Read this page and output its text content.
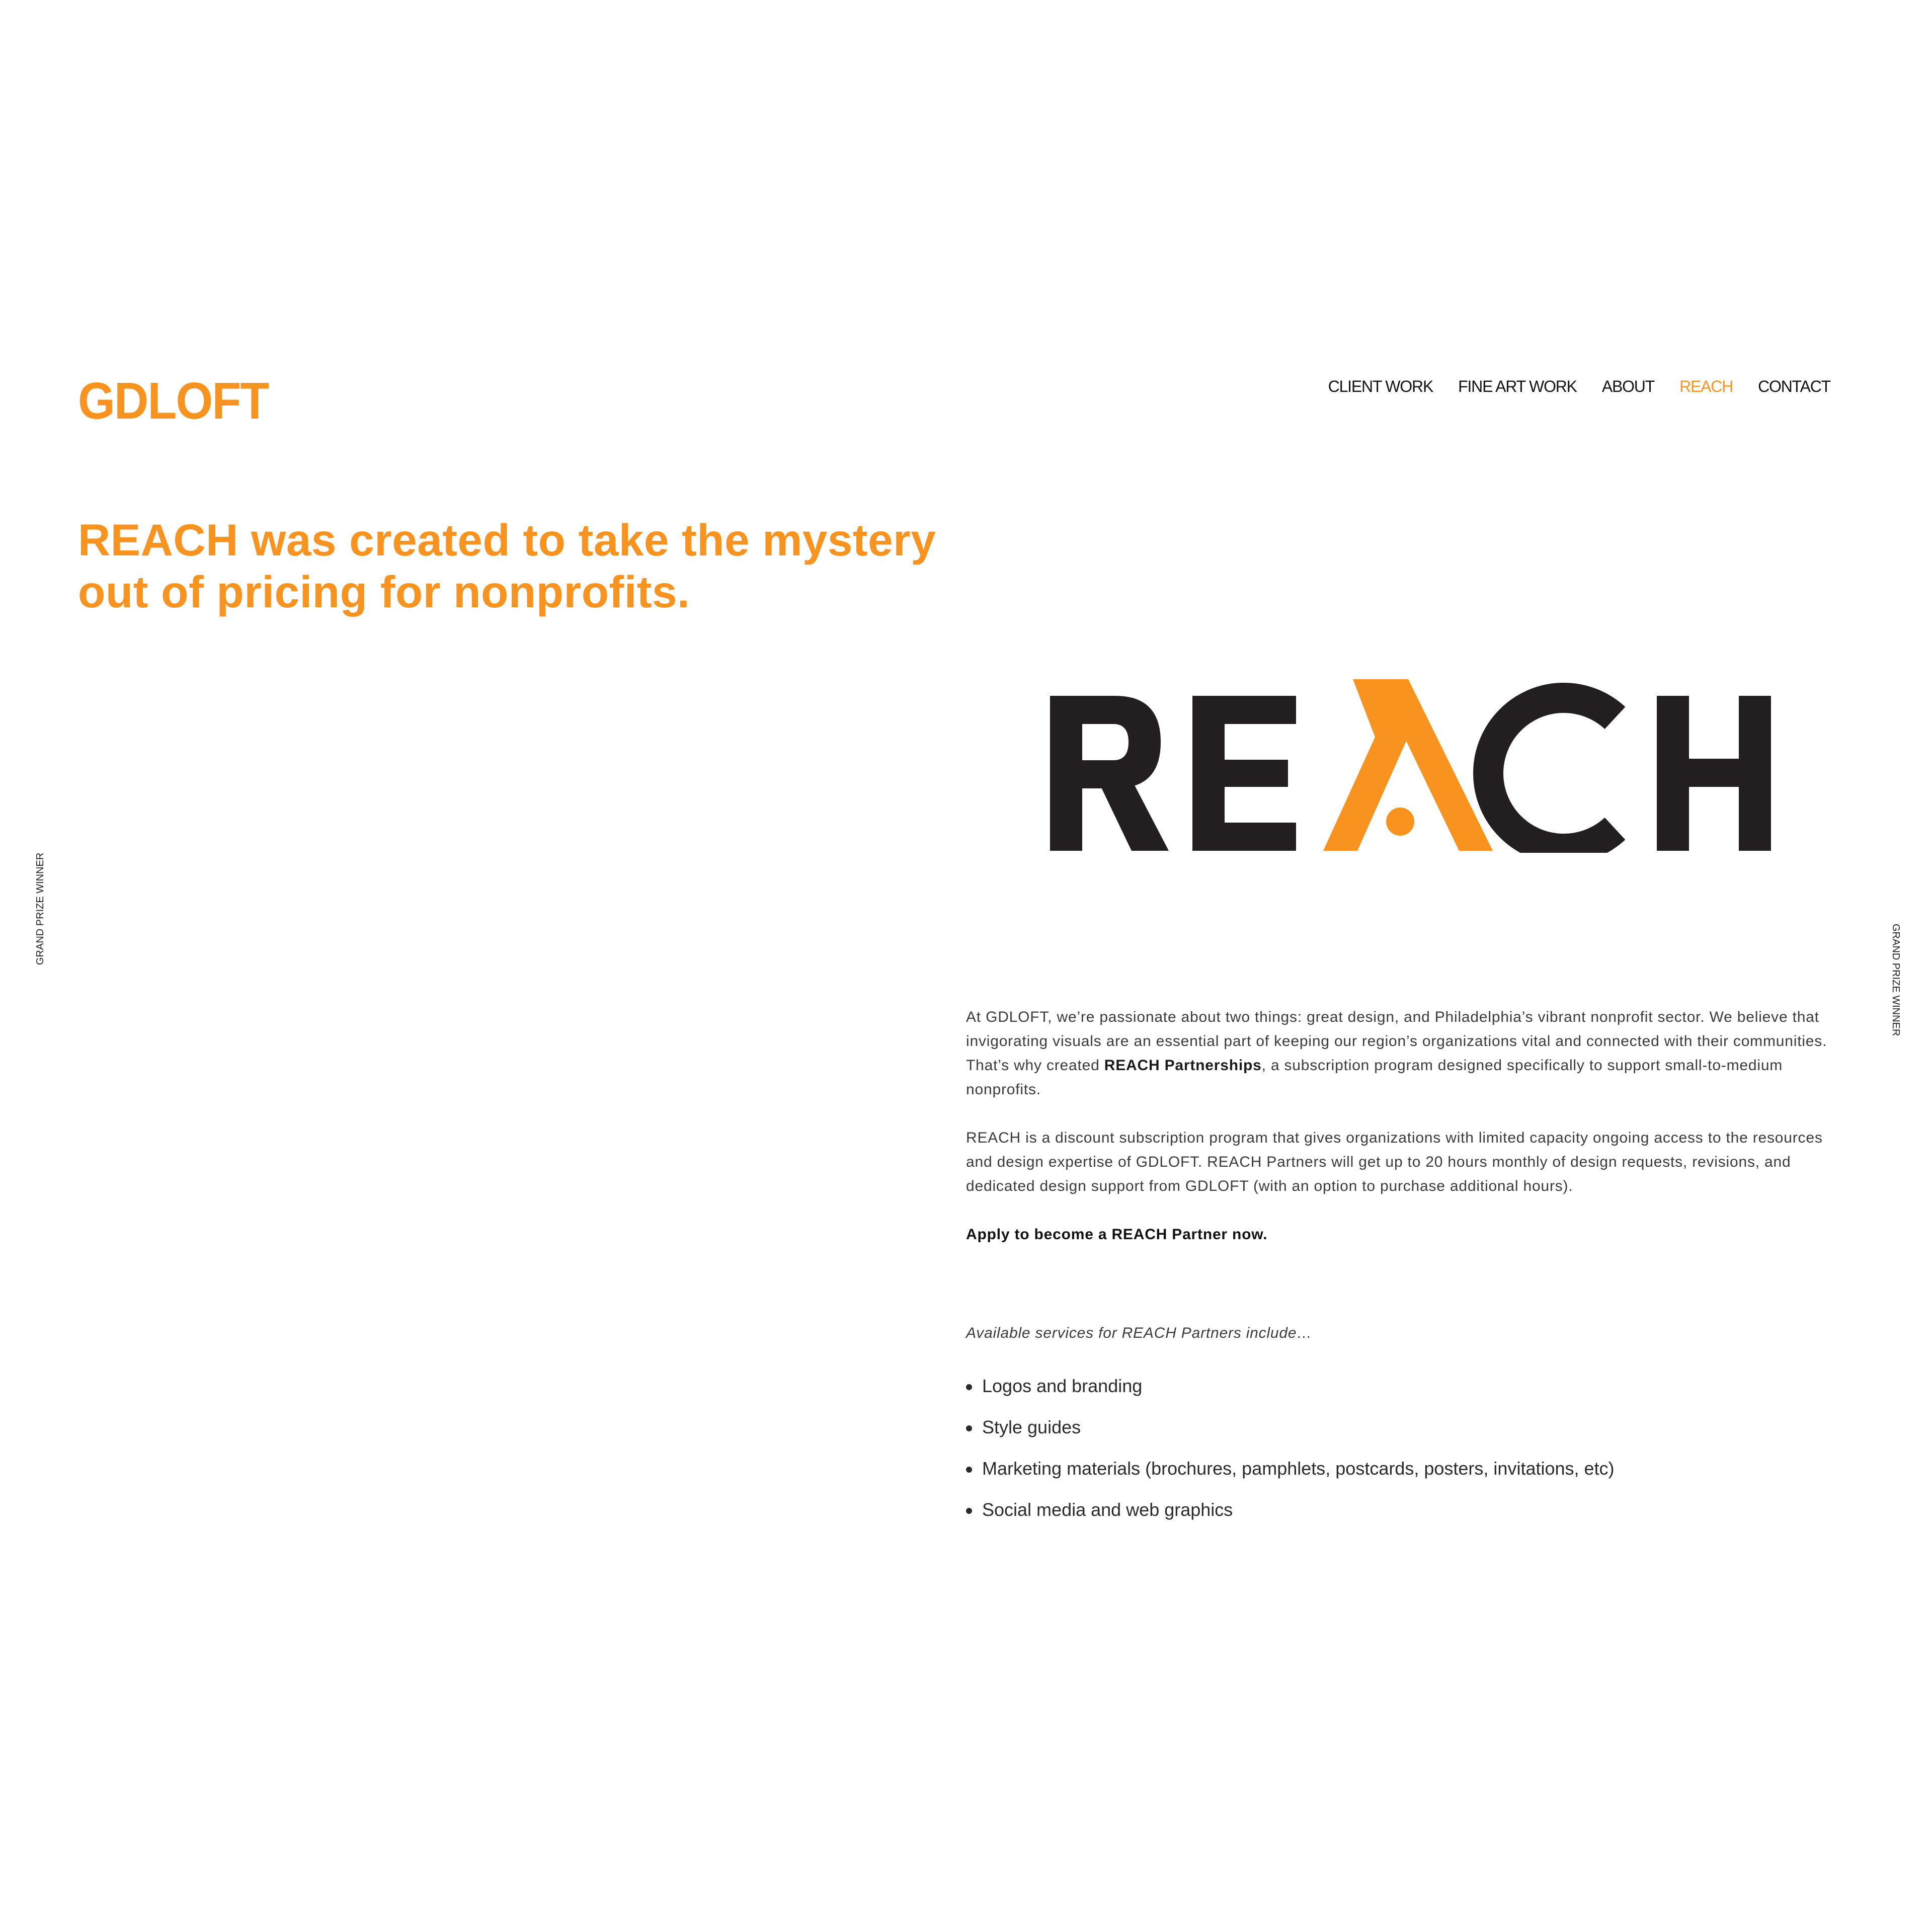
GDLOFT	CLIENT WORK FINE ART WORK ABOUT REACH CONTACT
REACH was created to take the mystery out of pricing for nonprofits.
GRAND PRIZE WINNER
GRAND PRIZE WINNER

At GDLOFT, we’re passionate about two things: great design, and Philadelphia’s vibrant nonprofit sector. We believe that invigorating visuals are an essential part of keeping our region’s organizations vital and connected with their communities. That’s why created REACH Partnerships, a subscription program designed specifically to support small-to-medium nonprofits.

REACH is a discount subscription program that gives organizations with limited capacity ongoing access to the resources and design expertise of GDLOFT. REACH Partners will get up to 20 hours monthly of design requests, revisions, and dedicated design support from GDLOFT (with an option to purchase additional hours).

Apply to become a REACH Partner now.

Available services for REACH Partners include…

Logos and branding
Style guides
Marketing materials (brochures, pamphlets, postcards, posters, invitations, etc)
Social media and web graphics
